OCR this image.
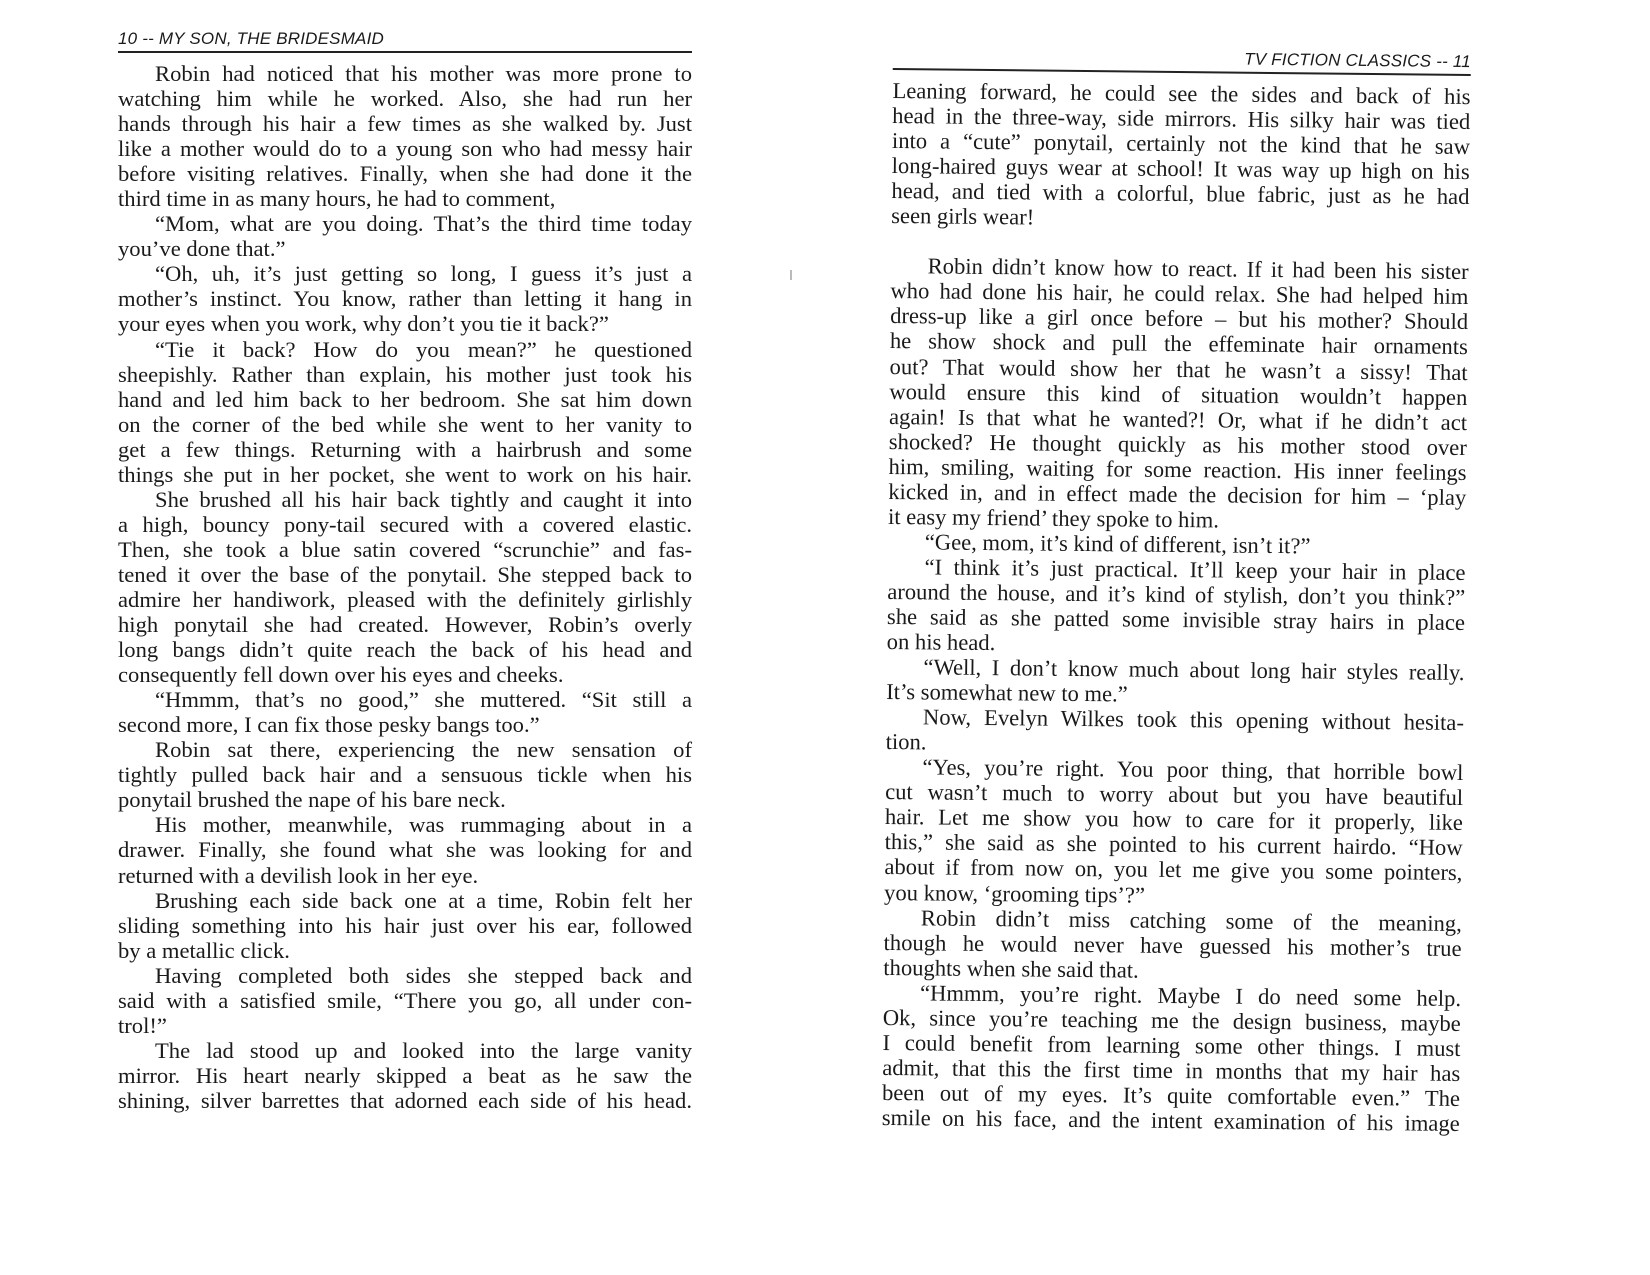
10 -- MY SON, THE BRIDESMAID
Robin had noticed that his mother was more prone to
watching him while he worked. Also, she had run her
hands through his hair a few times as she walked by. Just
like a mother would do to a young son who had messy hair
before visiting relatives. Finally, when she had done it the
third time in as many hours, he had to comment,
“Mom, what are you doing. That’s the third time today
you’ve done that.”
“Oh, uh, it’s just getting so long, I guess it’s just a
mother’s instinct. You know, rather than letting it hang in
your eyes when you work, why don’t you tie it back?”
“Tie it back? How do you mean?” he questioned
sheepishly. Rather than explain, his mother just took his
hand and led him back to her bedroom. She sat him down
on the corner of the bed while she went to her vanity to
get a few things. Returning with a hairbrush and some
things she put in her pocket, she went to work on his hair.
She brushed all his hair back tightly and caught it into
a high, bouncy pony-tail secured with a covered elastic.
Then, she took a blue satin covered “scrunchie” and fas-
tened it over the base of the ponytail. She stepped back to
admire her handiwork, pleased with the definitely girlishly
high ponytail she had created. However, Robin’s overly
long bangs didn’t quite reach the back of his head and
consequently fell down over his eyes and cheeks.
“Hmmm, that’s no good,” she muttered. “Sit still a
second more, I can fix those pesky bangs too.”
Robin sat there, experiencing the new sensation of
tightly pulled back hair and a sensuous tickle when his
ponytail brushed the nape of his bare neck.
His mother, meanwhile, was rummaging about in a
drawer. Finally, she found what she was looking for and
returned with a devilish look in her eye.
Brushing each side back one at a time, Robin felt her
sliding something into his hair just over his ear, followed
by a metallic click.
Having completed both sides she stepped back and
said with a satisfied smile, “There you go, all under con-
trol!”
The lad stood up and looked into the large vanity
mirror. His heart nearly skipped a beat as he saw the
shining, silver barrettes that adorned each side of his head.
TV FICTION CLASSICS -- 11
Leaning forward, he could see the sides and back of his
head in the three-way, side mirrors. His silky hair was tied
into a “cute” ponytail, certainly not the kind that he saw
long-haired guys wear at school! It was way up high on his
head, and tied with a colorful, blue fabric, just as he had
seen girls wear!
Robin didn’t know how to react. If it had been his sister
who had done his hair, he could relax. She had helped him
dress-up like a girl once before – but his mother? Should
he show shock and pull the effeminate hair ornaments
out? That would show her that he wasn’t a sissy! That
would ensure this kind of situation wouldn’t happen
again! Is that what he wanted?! Or, what if he didn’t act
shocked? He thought quickly as his mother stood over
him, smiling, waiting for some reaction. His inner feelings
kicked in, and in effect made the decision for him – ‘play
it easy my friend’ they spoke to him.
“Gee, mom, it’s kind of different, isn’t it?”
“I think it’s just practical. It’ll keep your hair in place
around the house, and it’s kind of stylish, don’t you think?”
she said as she patted some invisible stray hairs in place
on his head.
“Well, I don’t know much about long hair styles really.
It’s somewhat new to me.”
Now, Evelyn Wilkes took this opening without hesita-
tion.
“Yes, you’re right. You poor thing, that horrible bowl
cut wasn’t much to worry about but you have beautiful
hair. Let me show you how to care for it properly, like
this,” she said as she pointed to his current hairdo. “How
about if from now on, you let me give you some pointers,
you know, ‘grooming tips’?”
Robin didn’t miss catching some of the meaning,
though he would never have guessed his mother’s true
thoughts when she said that.
“Hmmm, you’re right. Maybe I do need some help.
Ok, since you’re teaching me the design business, maybe
I could benefit from learning some other things. I must
admit, that this the first time in months that my hair has
been out of my eyes. It’s quite comfortable even.” The
smile on his face, and the intent examination of his image
